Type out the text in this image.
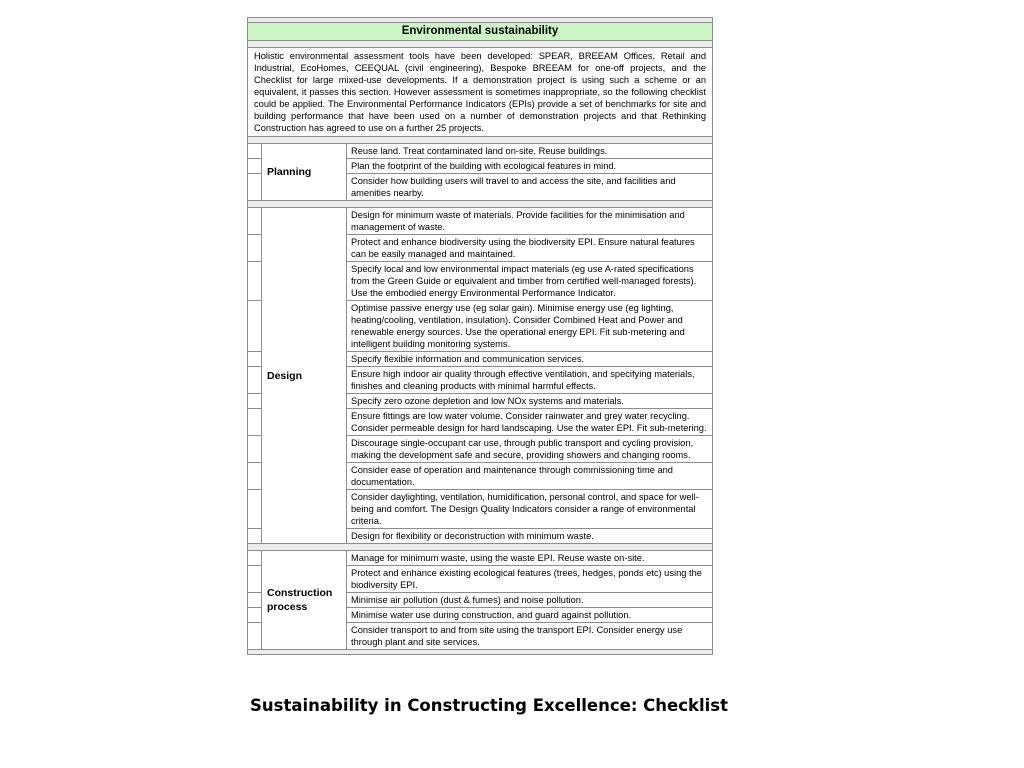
Environmental sustainability		

Holistic environmental assessment tools have been developed: SPEAR, BREEAM Offices, Retail and Industrial, EcoHomes, CEEQUAL (civil engineering), Bespoke BREEAM for one-off projects, and the Checklist for large mixed-use developments. If a demonstration project is using such a scheme or an equivalent, it passes this section. However assessment is sometimes inappropriate, so the following checklist could be applied. The Environmental Performance Indicators (EPIs) provide a set of benchmarks for site and building performance that have been used on a number of demonstration projects and that Rethinking Construction has agreed to use on a further 25 projects.		

	Planning	Reuse land. Treat contaminated land on-site. Reuse buildings.
		Plan the footprint of the building with ecological features in mind.
		Consider how building users will travel to and access the site, and facilities and amenities nearby.

	Design	Design for minimum waste of materials. Provide facilities for the minimisation and management of waste.
		Protect and enhance biodiversity using the biodiversity EPI. Ensure natural features can be easily managed and maintained.
		Specify local and low environmental impact materials (eg use A-rated specifications from the Green Guide or equivalent and timber from certified well-managed forests). Use the embodied energy Environmental Performance Indicator.
		Optimise passive energy use (eg solar gain). Minimise energy use (eg lighting, heating/cooling, ventilation, insulation). Consider Combined Heat and Power and renewable energy sources. Use the operational energy EPI. Fit sub-metering and intelligent building monitoring systems.
		Specify flexible information and communication services.
		Ensure high indoor air quality through effective ventilation, and specifying materials, finishes and cleaning products with minimal harmful effects.
		Specify zero ozone depletion and low NOx systems and materials.
		Ensure fittings are low water volume. Consider rainwater and grey water recycling. Consider permeable design for hard landscaping. Use the water EPI. Fit sub-metering.
		Discourage single-occupant car use, through public transport and cycling provision, making the development safe and secure, providing showers and changing rooms.
		Consider ease of operation and maintenance through commissioning time and documentation.
		Consider daylighting, ventilation, humidification, personal control, and space for well-being and comfort. The Design Quality Indicators consider a range of environmental criteria.
		Design for flexibility or deconstruction with minimum waste.

	Construction process	Manage for minimum waste, using the waste EPI. Reuse waste on-site.
		Protect and enhance existing ecological features (trees, hedges, ponds etc) using the biodiversity EPI.
		Minimise air pollution (dust & fumes) and noise pollution.
		Minimise water use during construction, and guard against pollution.
		Consider transport to and from site using the transport EPI. Consider energy use through plant and site services.

Sustainability in Constructing Excellence: Checklist
